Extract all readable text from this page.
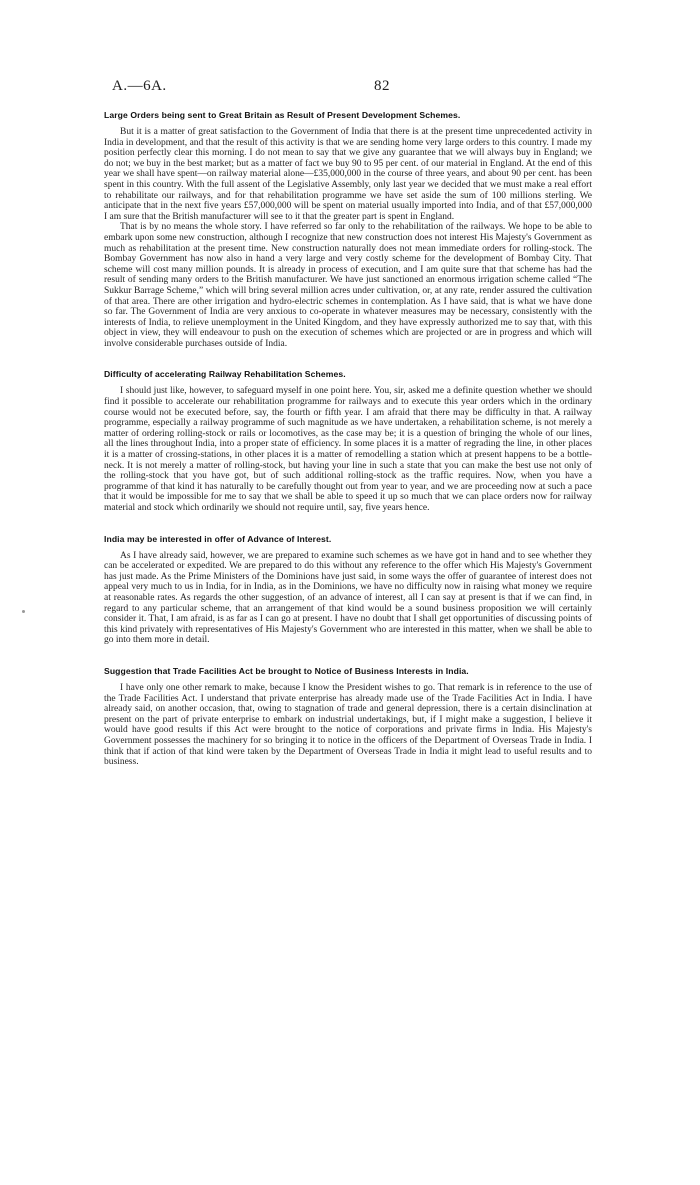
A.—6A.	82
Large Orders being sent to Great Britain as Result of Present Development Schemes.

But it is a matter of great satisfaction to the Government of India that there is at the present time unprecedented activity in India in development, and that the result of this activity is that we are sending home very large orders to this country. I made my position perfectly clear this morning. I do not mean to say that we give any guarantee that we will always buy in England; we do not; we buy in the best market; but as a matter of fact we buy 90 to 95 per cent. of our material in England. At the end of this year we shall have spent—on railway material alone—£35,000,000 in the course of three years, and about 90 per cent. has been spent in this country. With the full assent of the Legislative Assembly, only last year we decided that we must make a real effort to rehabilitate our railways, and for that rehabilitation programme we have set aside the sum of 100 millions sterling. We anticipate that in the next five years £57,000,000 will be spent on material usually imported into India, and of that £57,000,000 I am sure that the British manufacturer will see to it that the greater part is spent in England.

That is by no means the whole story. I have referred so far only to the rehabilitation of the railways. We hope to be able to embark upon some new construction, although I recognize that new construction does not interest His Majesty's Government as much as rehabilitation at the present time. New construction naturally does not mean immediate orders for rolling-stock. The Bombay Government has now also in hand a very large and very costly scheme for the development of Bombay City. That scheme will cost many million pounds. It is already in process of execution, and I am quite sure that that scheme has had the result of sending many orders to the British manufacturer. We have just sanctioned an enormous irrigation scheme called “The Sukkur Barrage Scheme,” which will bring several million acres under cultivation, or, at any rate, render assured the cultivation of that area. There are other irrigation and hydro-electric schemes in contemplation. As I have said, that is what we have done so far. The Government of India are very anxious to co-operate in whatever measures may be necessary, consistently with the interests of India, to relieve unemployment in the United Kingdom, and they have expressly authorized me to say that, with this object in view, they will endeavour to push on the execution of schemes which are projected or are in progress and which will involve considerable purchases outside of India.

Difficulty of accelerating Railway Rehabilitation Schemes.

I should just like, however, to safeguard myself in one point here. You, sir, asked me a definite question whether we should find it possible to accelerate our rehabilitation programme for railways and to execute this year orders which in the ordinary course would not be executed before, say, the fourth or fifth year. I am afraid that there may be difficulty in that. A railway programme, especially a railway programme of such magnitude as we have undertaken, a rehabilitation scheme, is not merely a matter of ordering rolling-stock or rails or locomotives, as the case may be; it is a question of bringing the whole of our lines, all the lines throughout India, into a proper state of efficiency. In some places it is a matter of regrading the line, in other places it is a matter of crossing-stations, in other places it is a matter of remodelling a station which at present happens to be a bottle-neck. It is not merely a matter of rolling-stock, but having your line in such a state that you can make the best use not only of the rolling-stock that you have got, but of such additional rolling-stock as the traffic requires. Now, when you have a programme of that kind it has naturally to be carefully thought out from year to year, and we are proceeding now at such a pace that it would be impossible for me to say that we shall be able to speed it up so much that we can place orders now for railway material and stock which ordinarily we should not require until, say, five years hence.

India may be interested in offer of Advance of Interest.

As I have already said, however, we are prepared to examine such schemes as we have got in hand and to see whether they can be accelerated or expedited. We are prepared to do this without any reference to the offer which His Majesty's Government has just made. As the Prime Ministers of the Dominions have just said, in some ways the offer of guarantee of interest does not appeal very much to us in India, for in India, as in the Dominions, we have no difficulty now in raising what money we require at reasonable rates. As regards the other suggestion, of an advance of interest, all I can say at present is that if we can find, in regard to any particular scheme, that an arrangement of that kind would be a sound business proposition we will certainly consider it. That, I am afraid, is as far as I can go at present. I have no doubt that I shall get opportunities of discussing points of this kind privately with representatives of His Majesty's Government who are interested in this matter, when we shall be able to go into them more in detail.

Suggestion that Trade Facilities Act be brought to Notice of Business Interests in India.

I have only one other remark to make, because I know the President wishes to go. That remark is in reference to the use of the Trade Facilities Act. I understand that private enterprise has already made use of the Trade Facilities Act in India. I have already said, on another occasion, that, owing to stagnation of trade and general depression, there is a certain disinclination at present on the part of private enterprise to embark on industrial undertakings, but, if I might make a suggestion, I believe it would have good results if this Act were brought to the notice of corporations and private firms in India. His Majesty's Government possesses the machinery for so bringing it to notice in the officers of the Department of Overseas Trade in India. I think that if action of that kind were taken by the Department of Overseas Trade in India it might lead to useful results and to business.
